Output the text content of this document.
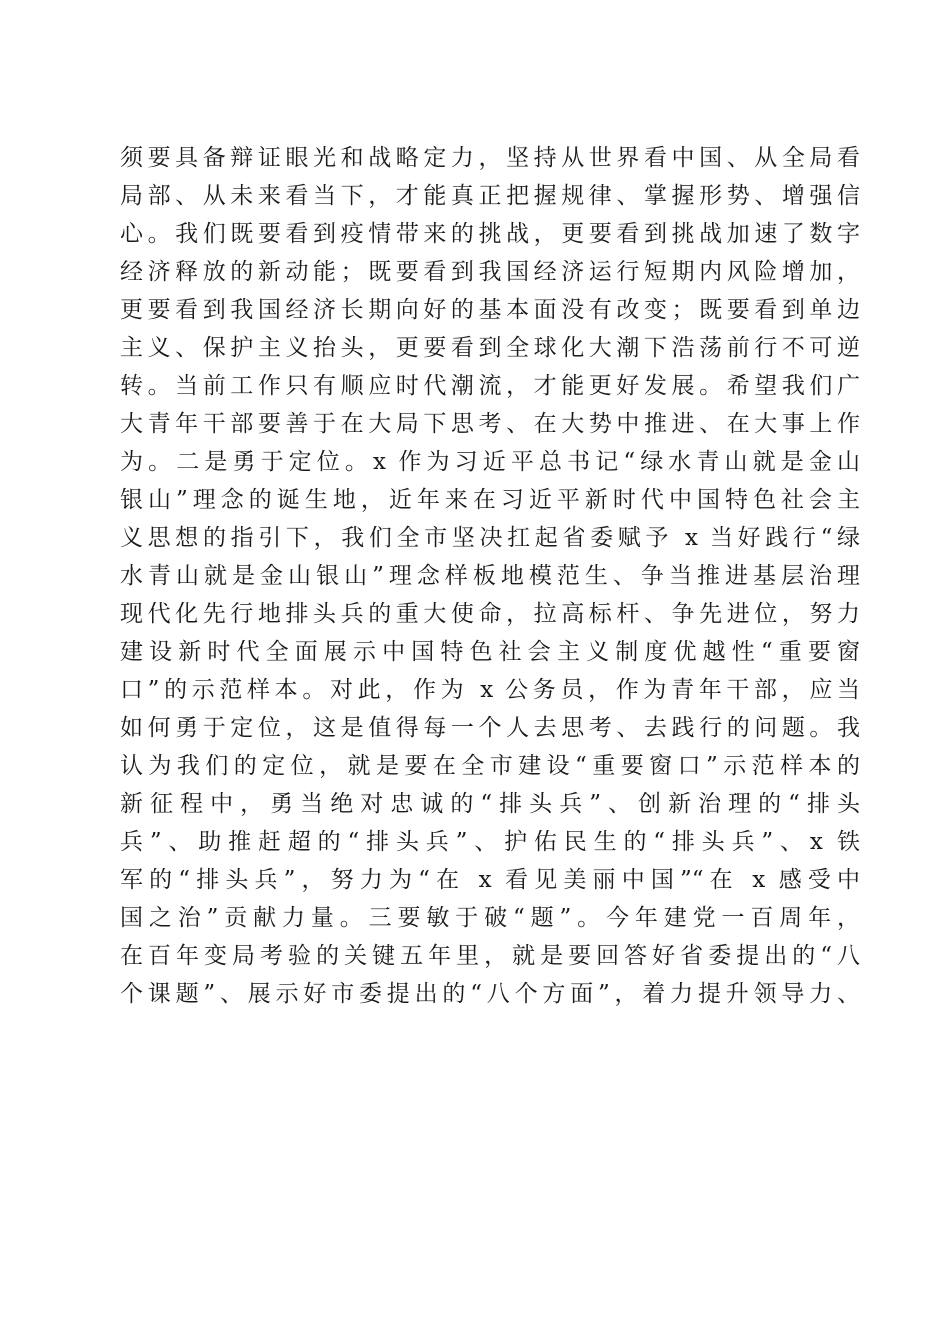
须要具备辩证眼光和战略定力，坚持从世界看中国、从全局看
局部、从未来看当下，才能真正把握规律、掌握形势、增强信
心。我们既要看到疫情带来的挑战，更要看到挑战加速了数字
经济释放的新动能；既要看到我国经济运行短期内风险增加，
更要看到我国经济长期向好的基本面没有改变；既要看到单边
主义、保护主义抬头，更要看到全球化大潮下浩荡前行不可逆
转。当前工作只有顺应时代潮流，才能更好发展。希望我们广
大青年干部要善于在大局下思考、在大势中推进、在大事上作
为。二是勇于定位。x 作为习近平总书记“绿水青山就是金山
银山”理念的诞生地，近年来在习近平新时代中国特色社会主
义思想的指引下，我们全市坚决扛起省委赋予 x 当好践行“绿
水青山就是金山银山”理念样板地模范生、争当推进基层治理
现代化先行地排头兵的重大使命，拉高标杆、争先进位，努力
建设新时代全面展示中国特色社会主义制度优越性“重要窗
口”的示范样本。对此，作为 x 公务员，作为青年干部，应当
如何勇于定位，这是值得每一个人去思考、去践行的问题。我
认为我们的定位，就是要在全市建设“重要窗口”示范样本的
新征程中，勇当绝对忠诚的“排头兵”、创新治理的“排头
兵”、助推赶超的“排头兵”、护佑民生的“排头兵”、x 铁
军的“排头兵”，努力为“在 x 看见美丽中国”“在 x 感受中
国之治”贡献力量。三要敏于破“题”。今年建党一百周年，
在百年变局考验的关键五年里，就是要回答好省委提出的“八
个课题”、展示好市委提出的“八个方面”，着力提升领导力、
